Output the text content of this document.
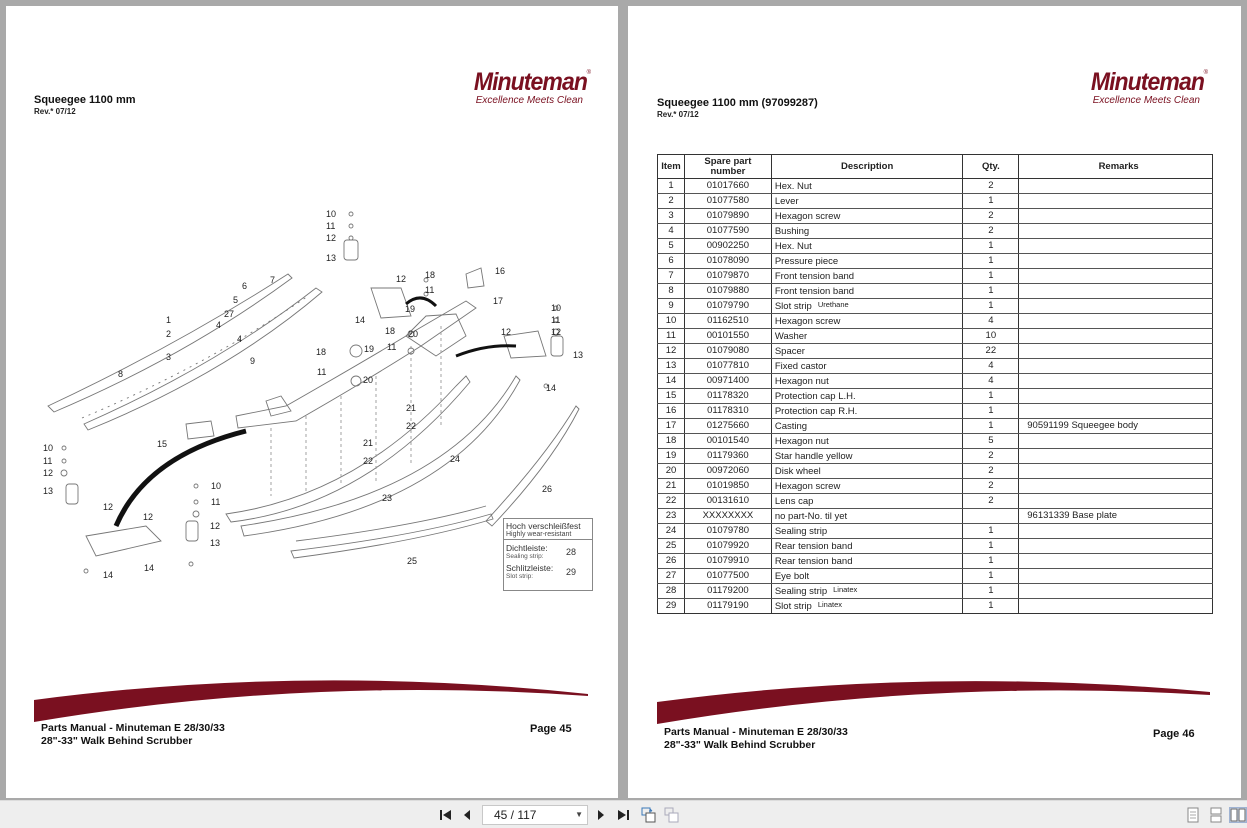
Minuteman®
Excellence Meets Clean
Squeegee 1100 mm
Rev.* 07/12
10
11
12
13
12 18	16
11
17
19
14
18 20
19 11
18
11
20
21
22
21
22
23
24
26
25
6
7
5
27
1	4
2	4
3
8
9
10
11
12
12
13
14
15
10
11
12
13
12
12
10
11
12
13
14
14
Hoch verschleißfest
Highly wear-resistant
Dichtleiste:
Sealing strip:	28
Schlitzleiste:
Slot strip:	29
Parts Manual - Minuteman E 28/30/33
28"-33" Walk Behind Scrubber
Page 45
Minuteman®
Excellence Meets Clean
Squeegee 1100 mm (97099287)
Rev.* 07/12
Item	Spare part number	Description	Qty.	Remarks
1	01017660	Hex. Nut	2	
2	01077580	Lever	1	
3	01079890	Hexagon screw	2	
4	01077590	Bushing	2	
5	00902250	Hex. Nut	1	
6	01078090	Pressure piece	1	
7	01079870	Front tension band	1	
8	01079880	Front tension band	1	
9	01079790	Slot strip $^{Urethane}$	1	
10	01162510	Hexagon screw	4	
11	00101550	Washer	10	
12	01079080	Spacer	22	
13	01077810	Fixed castor	4	
14	00971400	Hexagon nut	4	
15	01178320	Protection cap L.H.	1	
16	01178310	Protection cap R.H.	1	
17	01275660	Casting	1	90591199 Squeegee body
18	00101540	Hexagon nut	5	
19	01179360	Star handle yellow	2	
20	00972060	Disk wheel	2	
21	01019850	Hexagon screw	2	
22	00131610	Lens cap	2	
23	XXXXXXXX	no part-No. til yet		96131339 Base plate
24	01079780	Sealing strip	1	
25	01079920	Rear tension band	1	
26	01079910	Rear tension band	1	
27	01077500	Eye bolt	1	
28	01179200	Sealing strip $^{Linatex}$	1	
29	01179190	Slot strip $^{Linatex}$	1	
Parts Manual - Minuteman E 28/30/33
28"-33" Walk Behind Scrubber
Page 46
45 / 117	▼
